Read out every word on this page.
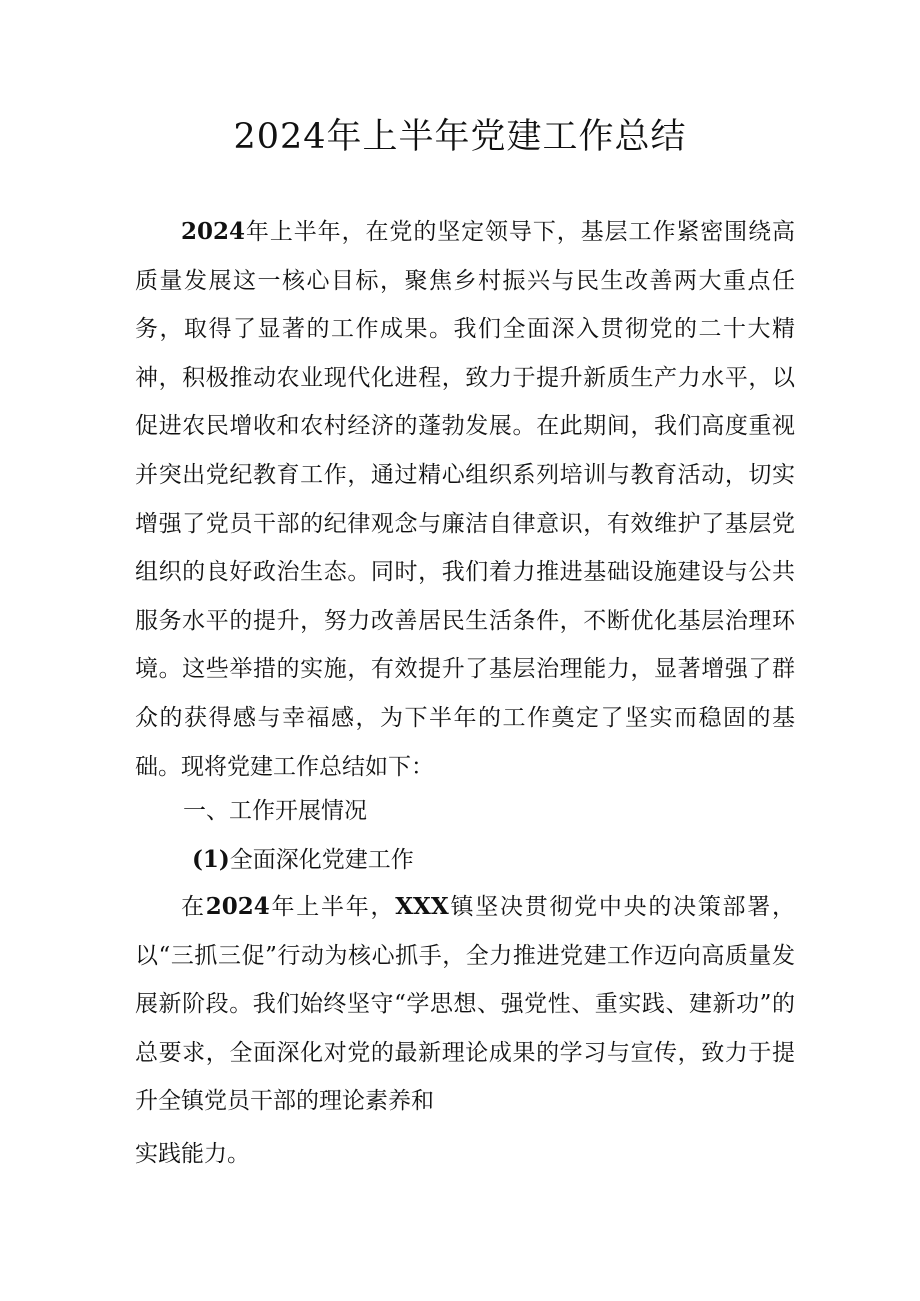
2024年上半年党建工作总结

2024年上半年，在党的坚定领导下，基层工作紧密围绕高质量发展这一核心目标，聚焦乡村振兴与民生改善两大重点任务，取得了显著的工作成果。我们全面深入贯彻党的二十大精神，积极推动农业现代化进程，致力于提升新质生产力水平，以促进农民增收和农村经济的蓬勃发展。在此期间，我们高度重视并突出党纪教育工作，通过精心组织系列培训与教育活动，切实增强了党员干部的纪律观念与廉洁自律意识，有效维护了基层党组织的良好政治生态。同时，我们着力推进基础设施建设与公共服务水平的提升，努力改善居民生活条件，不断优化基层治理环境。这些举措的实施，有效提升了基层治理能力，显著增强了群众的获得感与幸福感，为下半年的工作奠定了坚实而稳固的基础。现将党建工作总结如下：

一、工作开展情况

(1)全面深化党建工作

在2024年上半年，XXX镇坚决贯彻党中央的决策部署，以“三抓三促”行动为核心抓手，全力推进党建工作迈向高质量发展新阶段。我们始终坚守“学思想、强党性、重实践、建新功”的总要求，全面深化对党的最新理论成果的学习与宣传，致力于提升全镇党员干部的理论素养和

实践能力。
